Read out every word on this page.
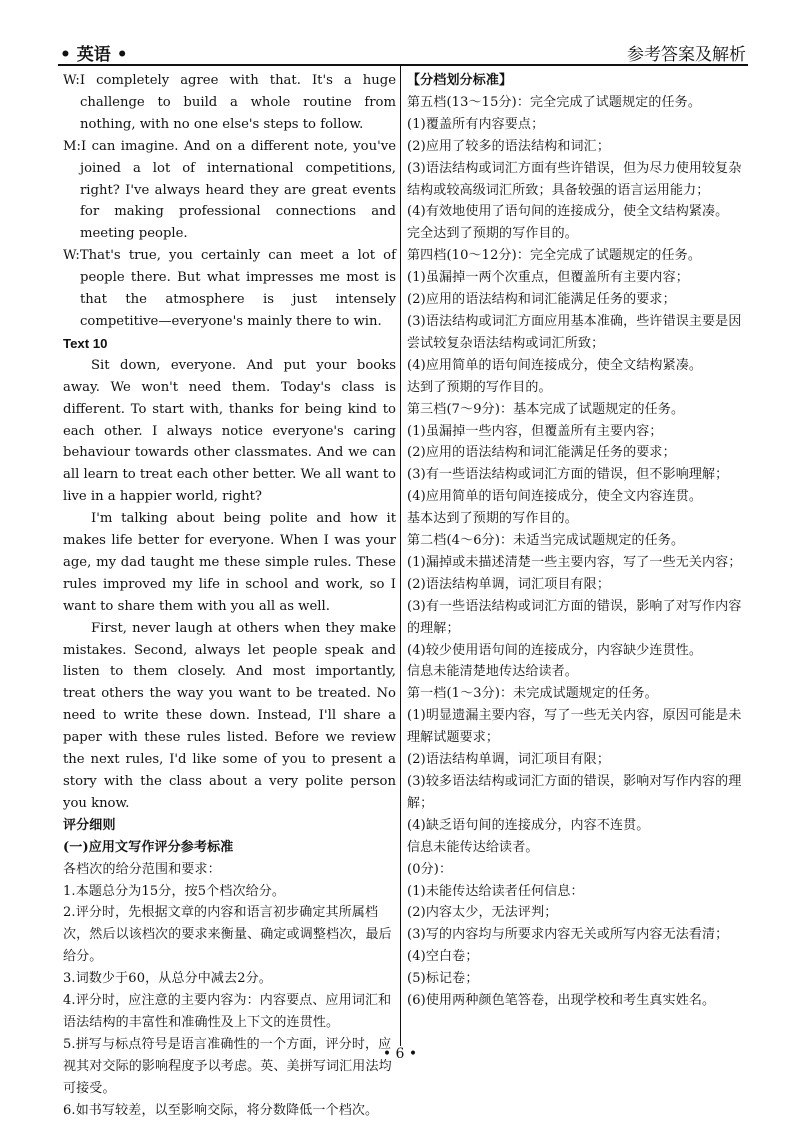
• 英语 •	参考答案及解析

W:I completely agree with that. It's a huge challenge to build a whole routine from nothing, with no one else's steps to follow.

M:I can imagine. And on a different note, you've joined a lot of international competitions, right? I've always heard they are great events for making professional connections and meeting people.

W:That's true, you certainly can meet a lot of people there. But what impresses me most is that the atmosphere is just intensely competitive—everyone's mainly there to win.

Text 10

Sit down, everyone. And put your books away. We won't need them. Today's class is different. To start with, thanks for being kind to each other. I always notice everyone's caring behaviour towards other classmates. And we can all learn to treat each other better. We all want to live in a happier world, right?

I'm talking about being polite and how it makes life better for everyone. When I was your age, my dad taught me these simple rules. These rules improved my life in school and work, so I want to share them with you all as well.

First, never laugh at others when they make mistakes. Second, always let people speak and listen to them closely. And most importantly, treat others the way you want to be treated. No need to write these down. Instead, I'll share a paper with these rules listed. Before we review the next rules, I'd like some of you to present a story with the class about a very polite person you know.

评分细则

(一)应用文写作评分参考标准

各档次的给分范围和要求：

1.本题总分为15分，按5个档次给分。

2.评分时，先根据文章的内容和语言初步确定其所属档次，然后以该档次的要求来衡量、确定或调整档次，最后给分。

3.词数少于60，从总分中减去2分。

4.评分时，应注意的主要内容为：内容要点、应用词汇和语法结构的丰富性和准确性及上下文的连贯性。

5.拼写与标点符号是语言准确性的一个方面，评分时，应视其对交际的影响程度予以考虑。英、美拼写词汇用法均可接受。

6.如书写较差，以至影响交际，将分数降低一个档次。

【分档划分标准】

第五档(13～15分)：完全完成了试题规定的任务。

(1)覆盖所有内容要点；

(2)应用了较多的语法结构和词汇；

(3)语法结构或词汇方面有些许错误，但为尽力使用较复杂结构或较高级词汇所致；具备较强的语言运用能力；

(4)有效地使用了语句间的连接成分，使全文结构紧凑。

完全达到了预期的写作目的。

第四档(10～12分)：完全完成了试题规定的任务。

(1)虽漏掉一两个次重点，但覆盖所有主要内容；

(2)应用的语法结构和词汇能满足任务的要求；

(3)语法结构或词汇方面应用基本准确，些许错误主要是因尝试较复杂语法结构或词汇所致；

(4)应用简单的语句间连接成分，使全文结构紧凑。

达到了预期的写作目的。

第三档(7～9分)：基本完成了试题规定的任务。

(1)虽漏掉一些内容，但覆盖所有主要内容；

(2)应用的语法结构和词汇能满足任务的要求；

(3)有一些语法结构或词汇方面的错误，但不影响理解；

(4)应用简单的语句间连接成分，使全文内容连贯。

基本达到了预期的写作目的。

第二档(4～6分)：未适当完成试题规定的任务。

(1)漏掉或未描述清楚一些主要内容，写了一些无关内容；

(2)语法结构单调，词汇项目有限；

(3)有一些语法结构或词汇方面的错误，影响了对写作内容的理解；

(4)较少使用语句间的连接成分，内容缺少连贯性。

信息未能清楚地传达给读者。

第一档(1～3分)：未完成试题规定的任务。

(1)明显遗漏主要内容，写了一些无关内容，原因可能是未理解试题要求；

(2)语法结构单调，词汇项目有限；

(3)较多语法结构或词汇方面的错误，影响对写作内容的理解；

(4)缺乏语句间的连接成分，内容不连贯。

信息未能传达给读者。

(0分)：

(1)未能传达给读者任何信息：

(2)内容太少，无法评判；

(3)写的内容均与所要求内容无关或所写内容无法看清；

(4)空白卷；

(5)标记卷；

(6)使用两种颜色笔答卷，出现学校和考生真实姓名。

• 6 •
